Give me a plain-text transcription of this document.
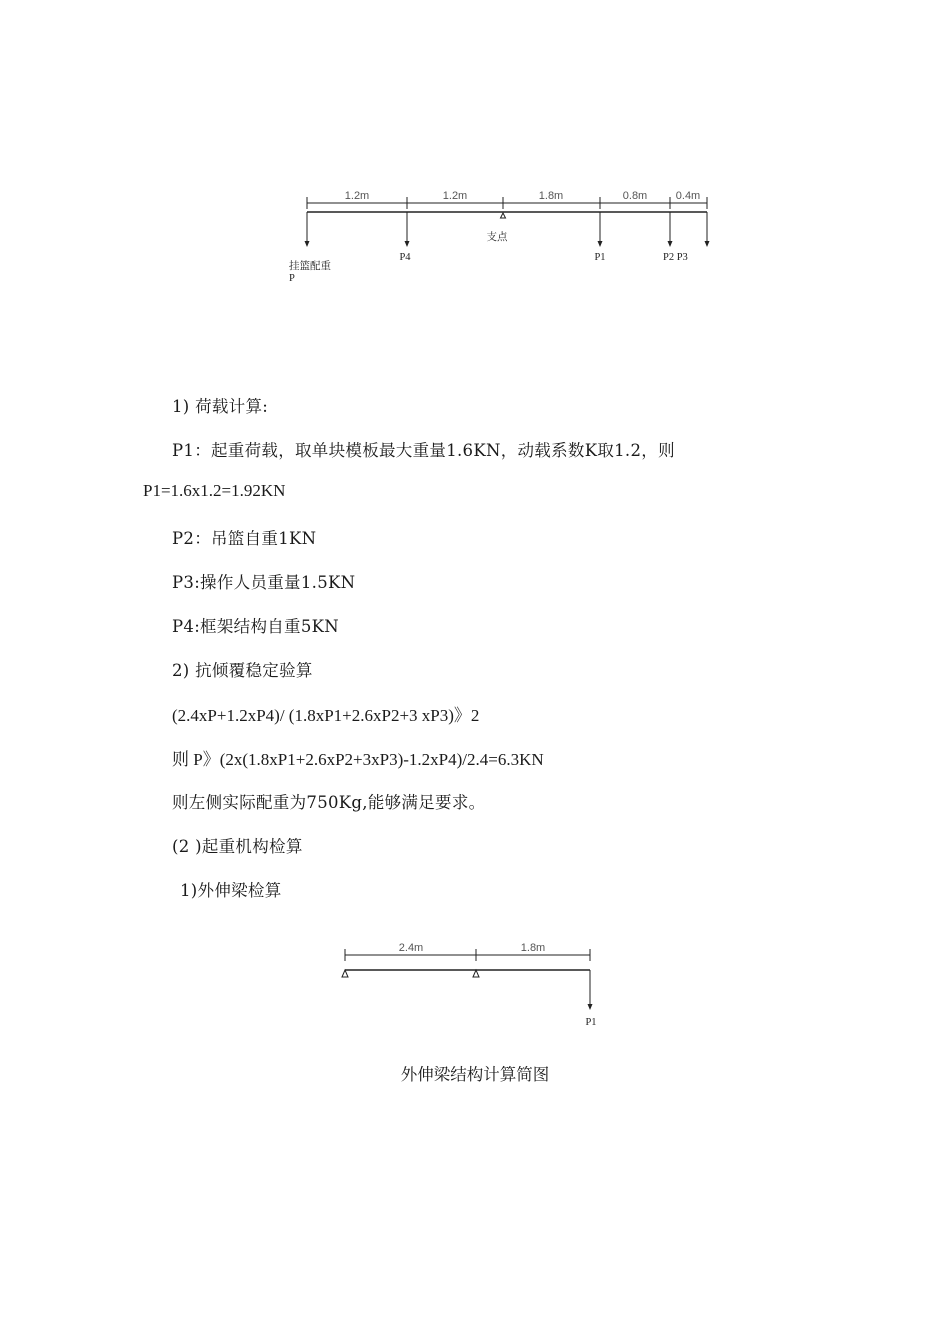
1.2m	1.2m	1.8m	0.8m	0.4m
支点
挂篮配重
P
P4	P1	P2 P3
1) 荷载计算:
P1：起重荷载，取单块模板最大重量1.6KN，动载系数K取1.2，则
P1=1.6x1.2=1.92KN
P2：吊篮自重1KN
P3:操作人员重量1.5KN
P4:框架结构自重5KN
2) 抗倾覆稳定验算
(2.4xP+1.2xP4)/ (1.8xP1+2.6xP2+3 xP3)》2
则 P》(2x(1.8xP1+2.6xP2+3xP3)-1.2xP4)/2.4=6.3KN
则左侧实际配重为750Kg,能够满足要求。
(2 )起重机构检算
1)外伸梁检算
2.4m	1.8m
P1
外伸梁结构计算简图
